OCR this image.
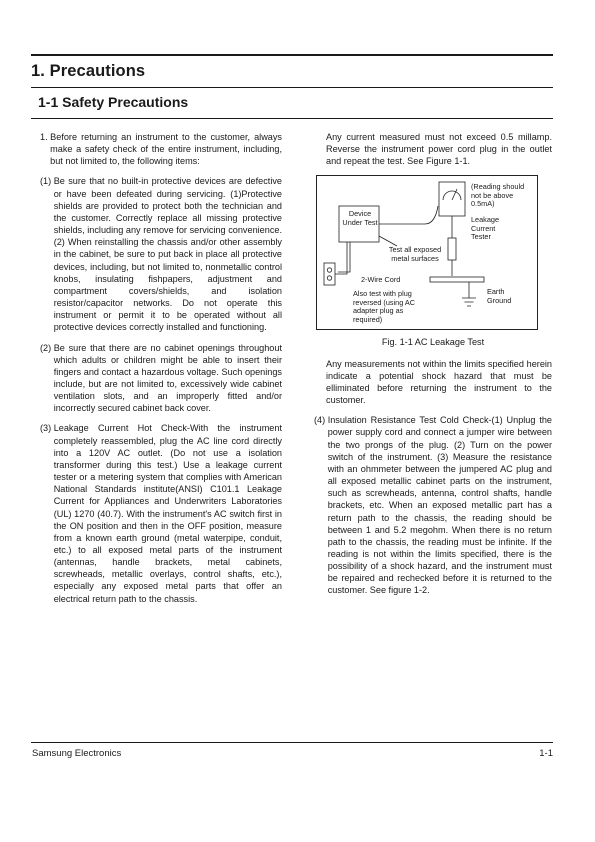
1. Precautions
1-1 Safety Precautions
1. Before returning an instrument to the customer, always make a safety check of the entire instrument, including, but not limited to, the following items:
(1) Be sure that no built-in protective devices are defective or have been defeated during servicing. (1)Protective shields are provided to protect both the technician and the customer. Correctly replace all missing protective shields, including any remove for servicing convenience. (2) When reinstalling the chassis and/or other assembly in the cabinet, be sure to put back in place all protective devices, including, but not limited to, nonmetallic control knobs, insulating fishpapers, adjustment and compartment covers/shields, and isolation resistor/capacitor networks. Do not operate this instrument or permit it to be operated without all protective devices correctly installed and functioning.
(2) Be sure that there are no cabinet openings throughout which adults or children might be able to insert their fingers and contact a hazardous voltage. Such openings include, but are not limited to, excessively wide cabinet ventilation slots, and an improperly fitted and/or incorrectly secured cabinet back cover.
(3) Leakage Current Hot Check-With the instrument completely reassembled, plug the AC line cord directly into a 120V AC outlet. (Do not use a isolation transformer during this test.) Use a leakage current tester or a metering system that complies with American National Standards institute(ANSI) C101.1 Leakage Current for Appliances and Underwriters Laboratories (UL) 1270 (40.7). With the instrument's AC switch first in the ON position and then in the OFF position, measure from a known earth ground (metal waterpipe, conduit, etc.) to all exposed metal parts of the instrument (antennas, handle brackets, metal cabinets, screwheads, metallic overlays, control shafts, etc.), especially any exposed metal parts that offer an electrical return path to the chassis.
Any current measured must not exceed 0.5 millamp. Reverse the instrument power cord plug in the outlet and repeat the test. See Figure 1-1.
Device Under Test
Test all exposed metal surfaces
2-Wire Cord
Also test with plug reversed (using AC adapter plug as required)
(Reading should not be above 0.5mA)
Leakage Current Tester
Earth Ground
Fig. 1-1 AC Leakage Test
Any measurements not within the limits specified herein indicate a potential shock hazard that must be elliminated before returning the instrument to the customer.
(4) Insulation Resistance Test Cold Check-(1) Unplug the power supply cord and connect a jumper wire between the two prongs of the plug. (2) Turn on the power switch of the instrument. (3) Measure the resistance with an ohmmeter between the jumpered AC plug and all exposed metallic cabinet parts on the instrument, such as screwheads, antenna, control shafts, handle brackets, etc. When an exposed metallic part has a return path to the chassis, the reading should be between 1 and 5.2 megohm. When there is no return path to the chassis, the reading must be infinite. If the reading is not within the limits specified, there is the possibility of a shock hazard, and the instrument must be repaired and rechecked before it is returned to the customer. See figure 1-2.
Samsung Electronics	1-1
